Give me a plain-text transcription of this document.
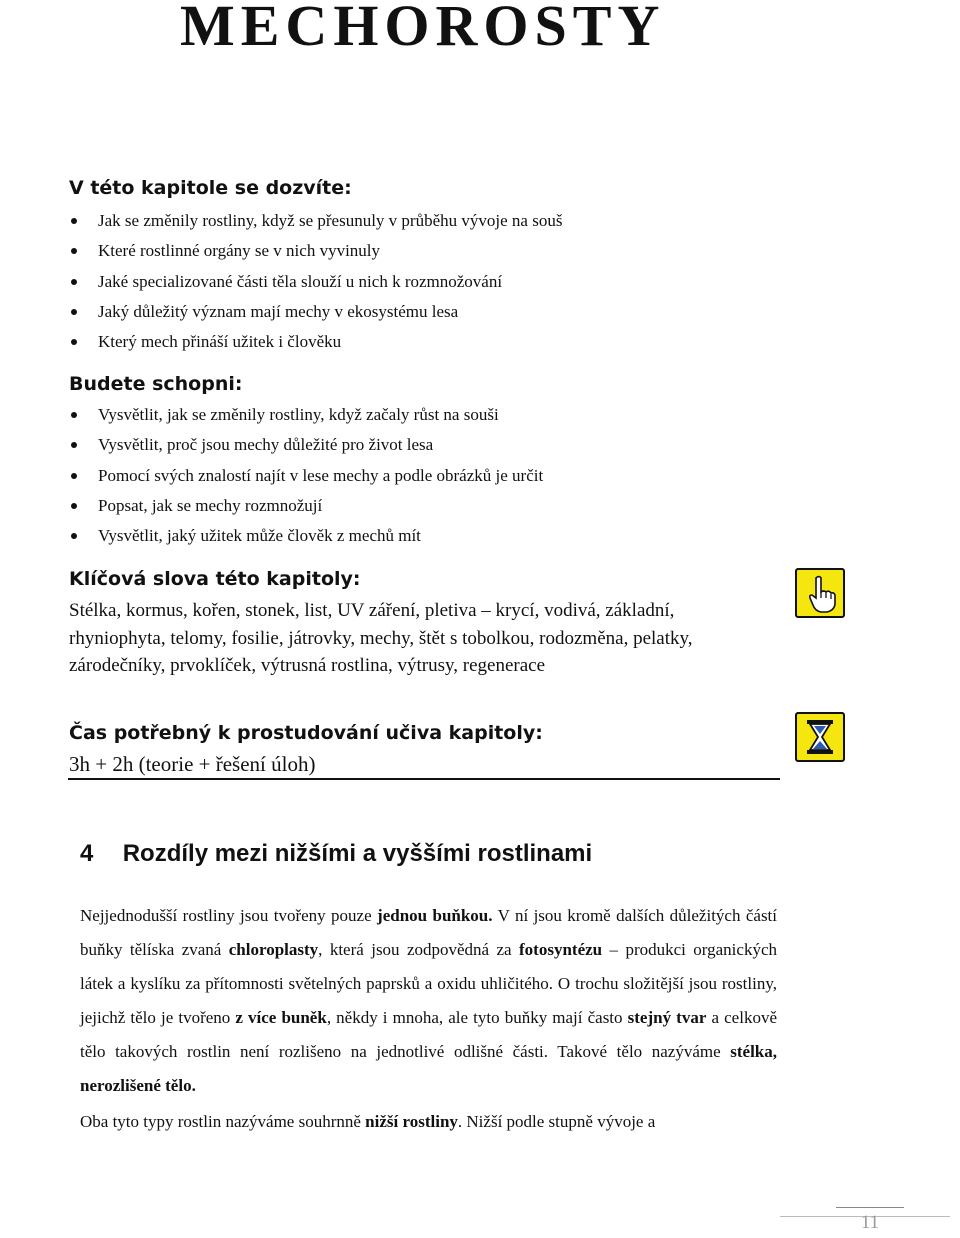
MECHOROSTY
V této kapitole se dozvíte:
Jak se změnily rostliny, když se přesunuly v průběhu vývoje na souš
Které rostlinné orgány se v nich vyvinuly
Jaké specializované části těla slouží u nich k rozmnožování
Jaký důležitý význam mají mechy v ekosystému lesa
Který mech přináší užitek i člověku
Budete schopni:
Vysvětlit, jak se změnily rostliny, když začaly růst na souši
Vysvětlit, proč jsou mechy důležité pro život lesa
Pomocí svých znalostí najít v lese mechy a podle obrázků je určit
Popsat, jak se mechy rozmnožují
Vysvětlit, jaký užitek může člověk z mechů mít
Klíčová slova této kapitoly:
Stélka, kormus, kořen, stonek, list, UV záření, pletiva – krycí, vodivá, základní, rhyniophyta, telomy, fosilie, játrovky, mechy, štět s tobolkou, rodozměna, pelatky, zárodečníky, prvoklíček, výtrusná rostlina, výtrusy, regenerace
Čas potřebný k prostudování učiva kapitoly:
3h + 2h (teorie + řešení úloh)
4 Rozdíly mezi nižšími a vyššími rostlinami

Nejjednodušší rostliny jsou tvořeny pouze jednou buňkou. V ní jsou kromě dalších důležitých částí buňky tělíska zvaná chloroplasty, která jsou zodpovědná za fotosyntézu – produkci organických látek a kyslíku za přítomnosti světelných paprsků a oxidu uhličitého. O trochu složitější jsou rostliny, jejichž tělo je tvořeno z více buněk, někdy i mnoha, ale tyto buňky mají často stejný tvar a celkově tělo takových rostlin není rozlišeno na jednotlivé odlišné části. Takové tělo nazýváme stélka, nerozlišené tělo.

Oba tyto typy rostlin nazýváme souhrnně nižší rostliny. Nižší podle stupně vývoje a

11
